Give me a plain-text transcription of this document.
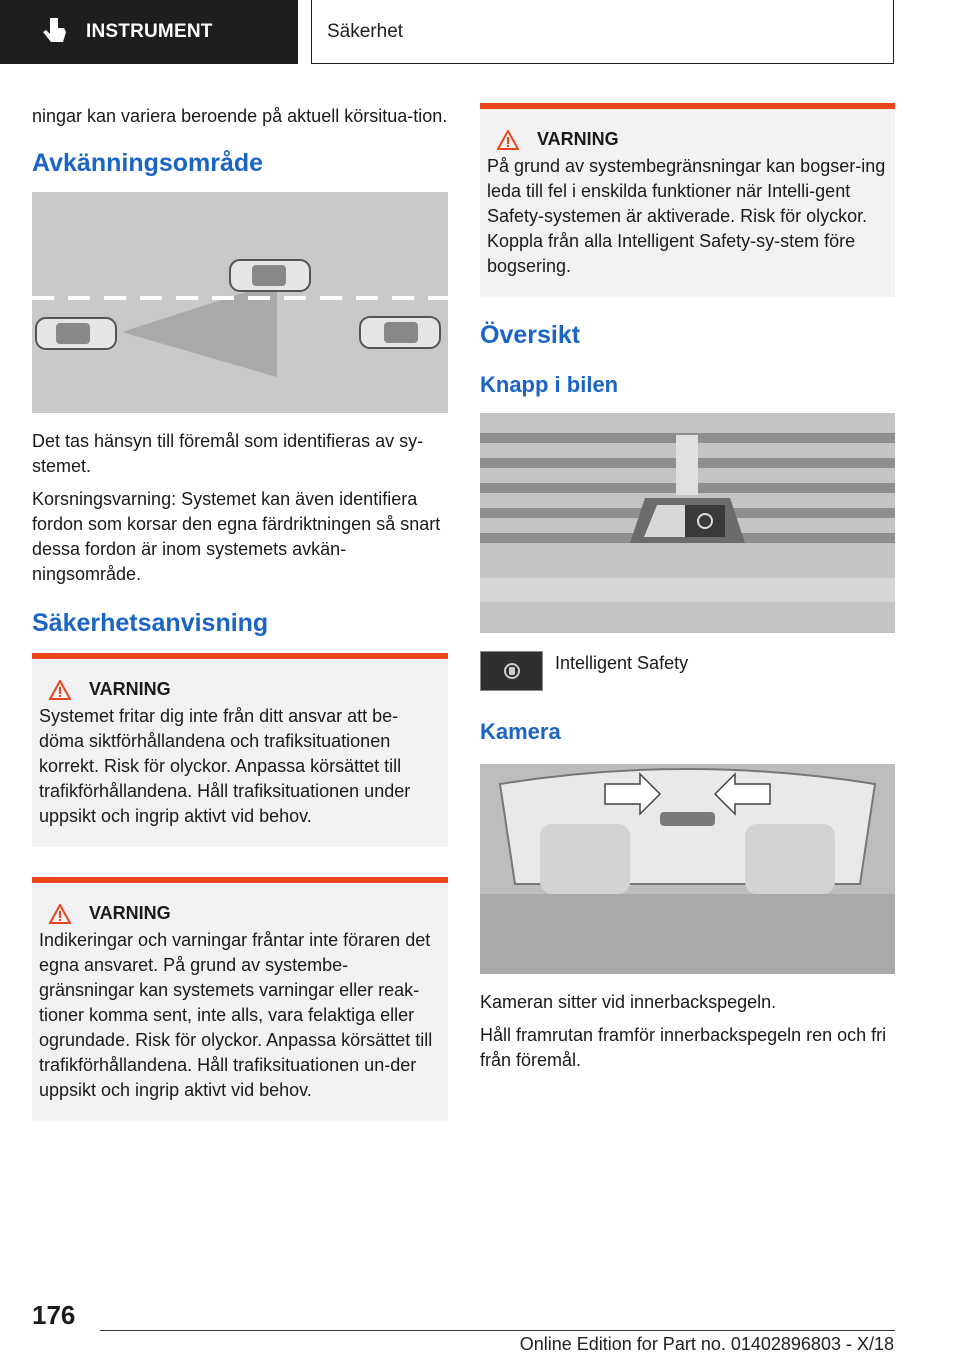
INSTRUMENT	Säkerhet

ningar kan variera beroende på aktuell körsitua-tion.

Avkänningsområde

Det tas hänsyn till föremål som identifieras av sy-stemet.

Korsningsvarning: Systemet kan även identifiera fordon som korsar den egna färdriktningen så snart dessa fordon är inom systemets avkän-ningsområde.

Säkerhetsanvisning
VARNING
Systemet fritar dig inte från ditt ansvar att be-döma siktförhållandena och trafiksituationen korrekt. Risk för olyckor. Anpassa körsättet till trafikförhållandena. Håll trafiksituationen under uppsikt och ingrip aktivt vid behov.
VARNING
Indikeringar och varningar fråntar inte föraren det egna ansvaret. På grund av systembe-gränsningar kan systemets varningar eller reak-tioner komma sent, inte alls, vara felaktiga eller ogrundade. Risk för olyckor. Anpassa körsättet till trafikförhållandena. Håll trafiksituationen un-der uppsikt och ingrip aktivt vid behov.
VARNING
På grund av systembegränsningar kan bogser-ing leda till fel i enskilda funktioner när Intelli-gent Safety-systemen är aktiverade. Risk för olyckor. Koppla från alla Intelligent Safety-sy-stem före bogsering.
Översikt
Knapp i bilen
Intelligent Safety
Kamera

Kameran sitter vid innerbackspegeln.

Håll framrutan framför innerbackspegeln ren och fri från föremål.

176
Online Edition for Part no. 01402896803 - X/18
